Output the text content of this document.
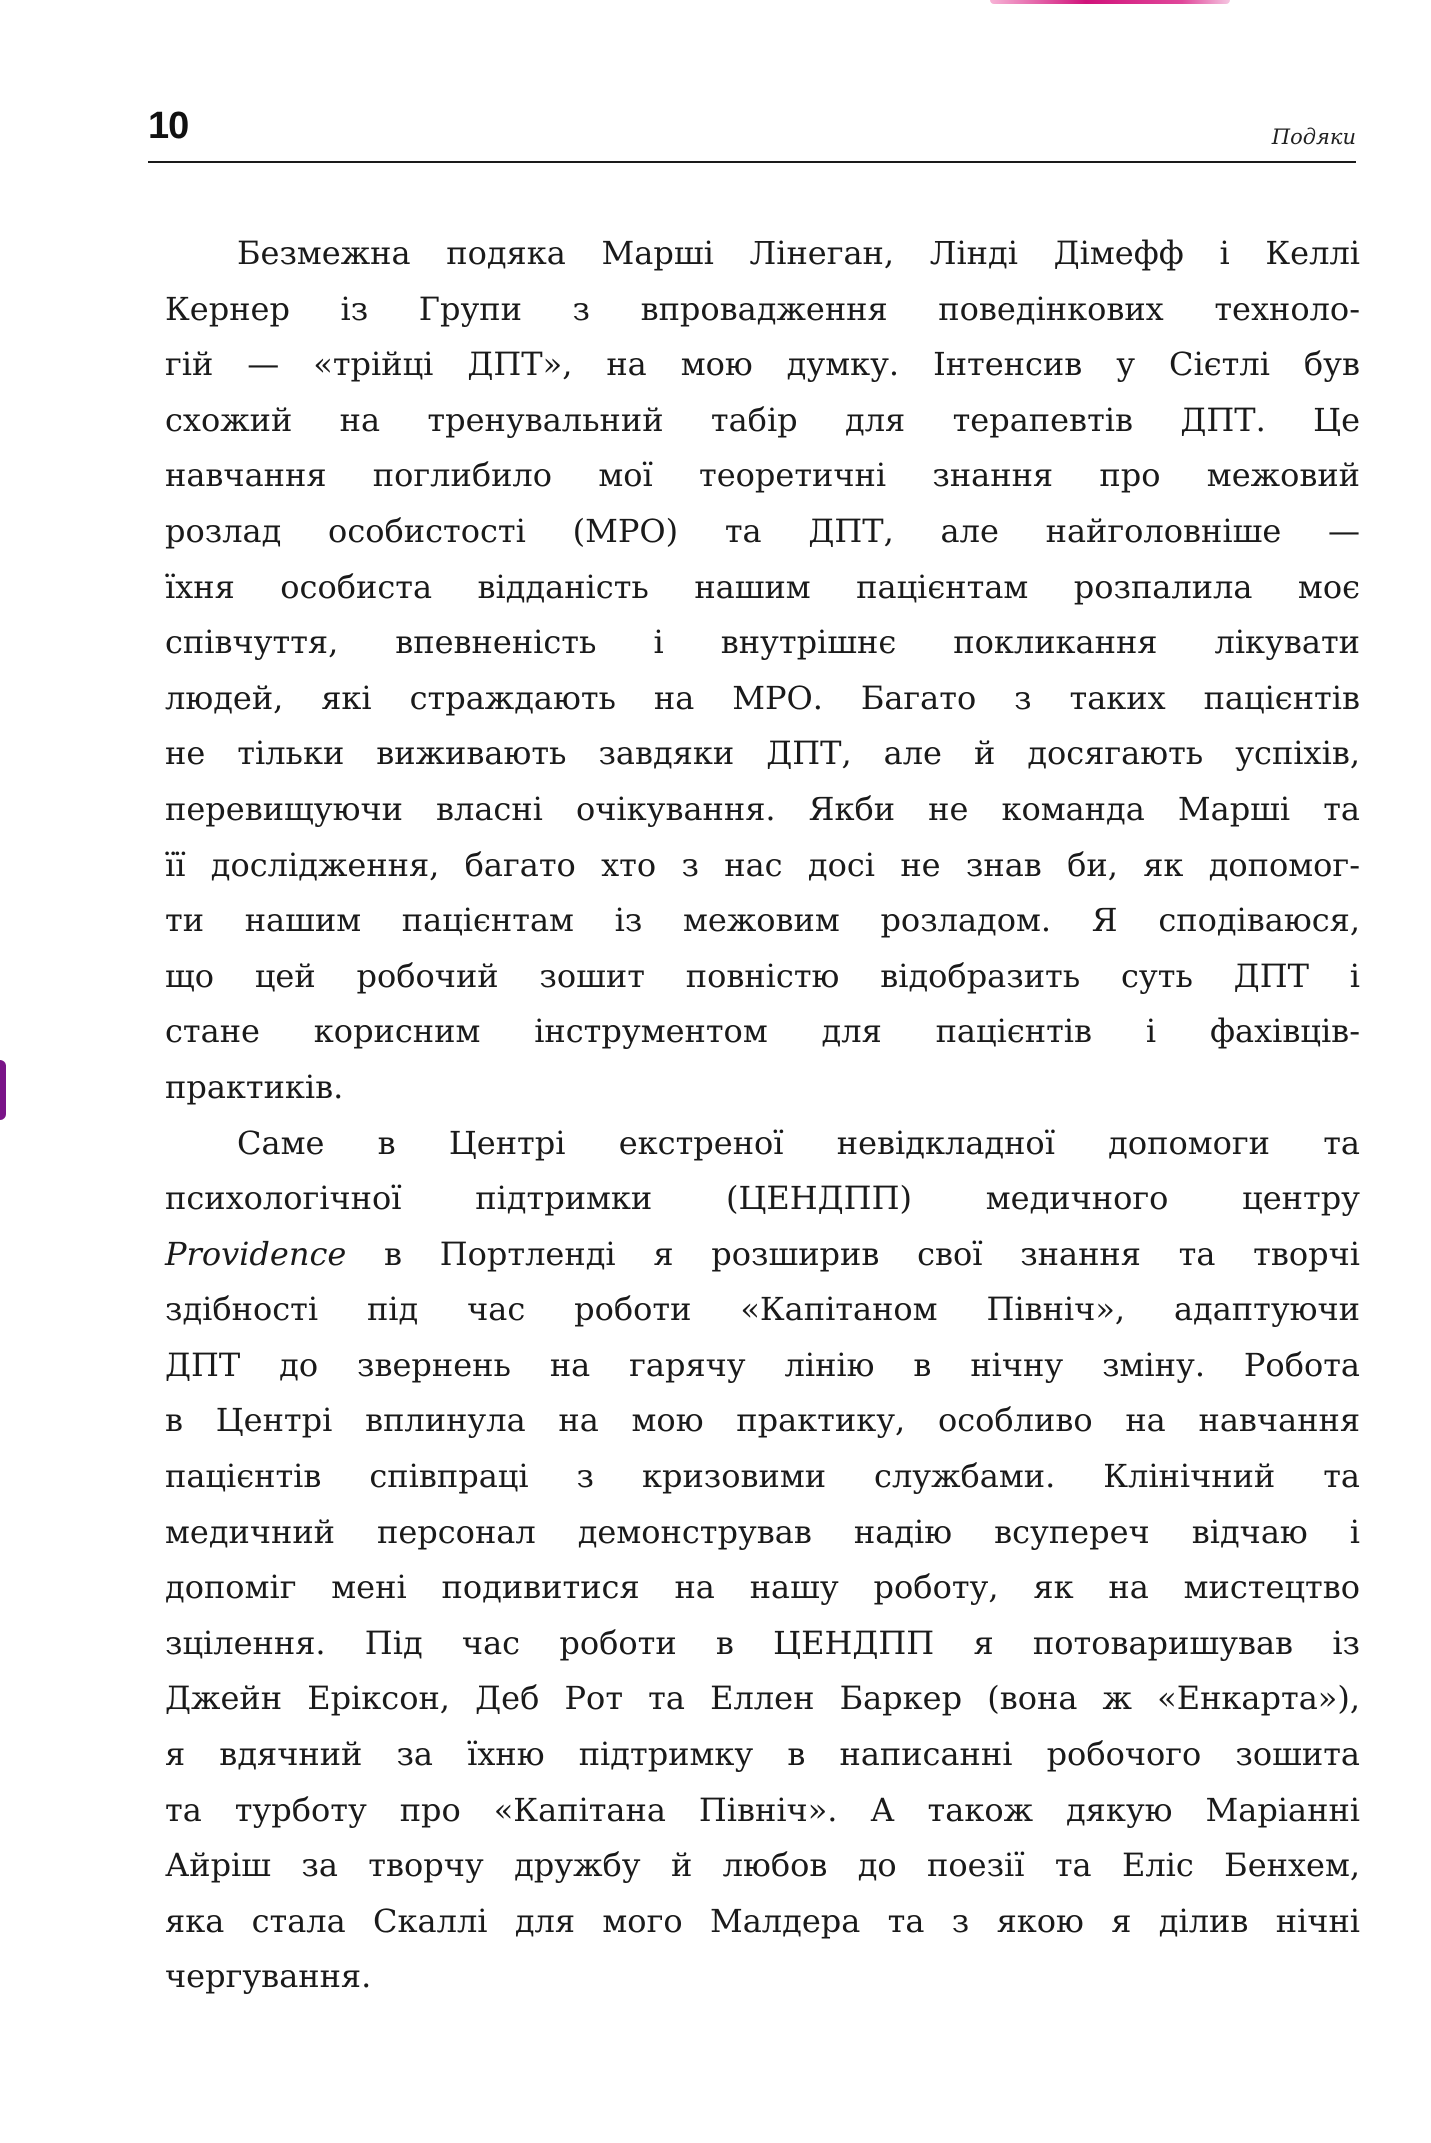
10	Подяки
Безмежна подяка Марші Лінеган, Лінді Дімефф і Келлі
Кернер із Групи з впровадження поведінкових техноло-
гій — «трійці ДПТ», на мою думку. Інтенсив у Сієтлі був
схожий на тренувальний табір для терапевтів ДПТ. Це
навчання поглибило мої теоретичні знання про межовий
розлад особистості (МРО) та ДПТ, але найголовніше —
їхня особиста відданість нашим пацієнтам розпалила моє
співчуття, впевненість і внутрішнє покликання лікувати
людей, які страждають на МРО. Багато з таких пацієнтів
не тільки виживають завдяки ДПТ, але й досягають успіхів,
перевищуючи власні очікування. Якби не команда Марші та
її дослідження, багато хто з нас досі не знав би, як допомог-
ти нашим пацієнтам із межовим розладом. Я сподіваюся,
що цей робочий зошит повністю відобразить суть ДПТ і
стане корисним інструментом для пацієнтів і фахівців-
практиків.
Саме в Центрі екстреної невідкладної допомоги та
психологічної підтримки (ЦЕНДПП) медичного центру
Providence в Портленді я розширив свої знання та творчі
здібності під час роботи «Капітаном Північ», адаптуючи
ДПТ до звернень на гарячу лінію в нічну зміну. Робота
в Центрі вплинула на мою практику, особливо на навчання
пацієнтів співпраці з кризовими службами. Клінічний та
медичний персонал демонстрував надію всупереч відчаю і
допоміг мені подивитися на нашу роботу, як на мистецтво
зцілення. Під час роботи в ЦЕНДПП я потоваришував із
Джейн Еріксон, Деб Рот та Еллен Баркер (вона ж «Енкарта»),
я вдячний за їхню підтримку в написанні робочого зошита
та турботу про «Капітана Північ». А також дякую Маріанні
Айріш за творчу дружбу й любов до поезії та Еліс Бенхем,
яка стала Скаллі для мого Малдера та з якою я ділив нічні
чергування.
